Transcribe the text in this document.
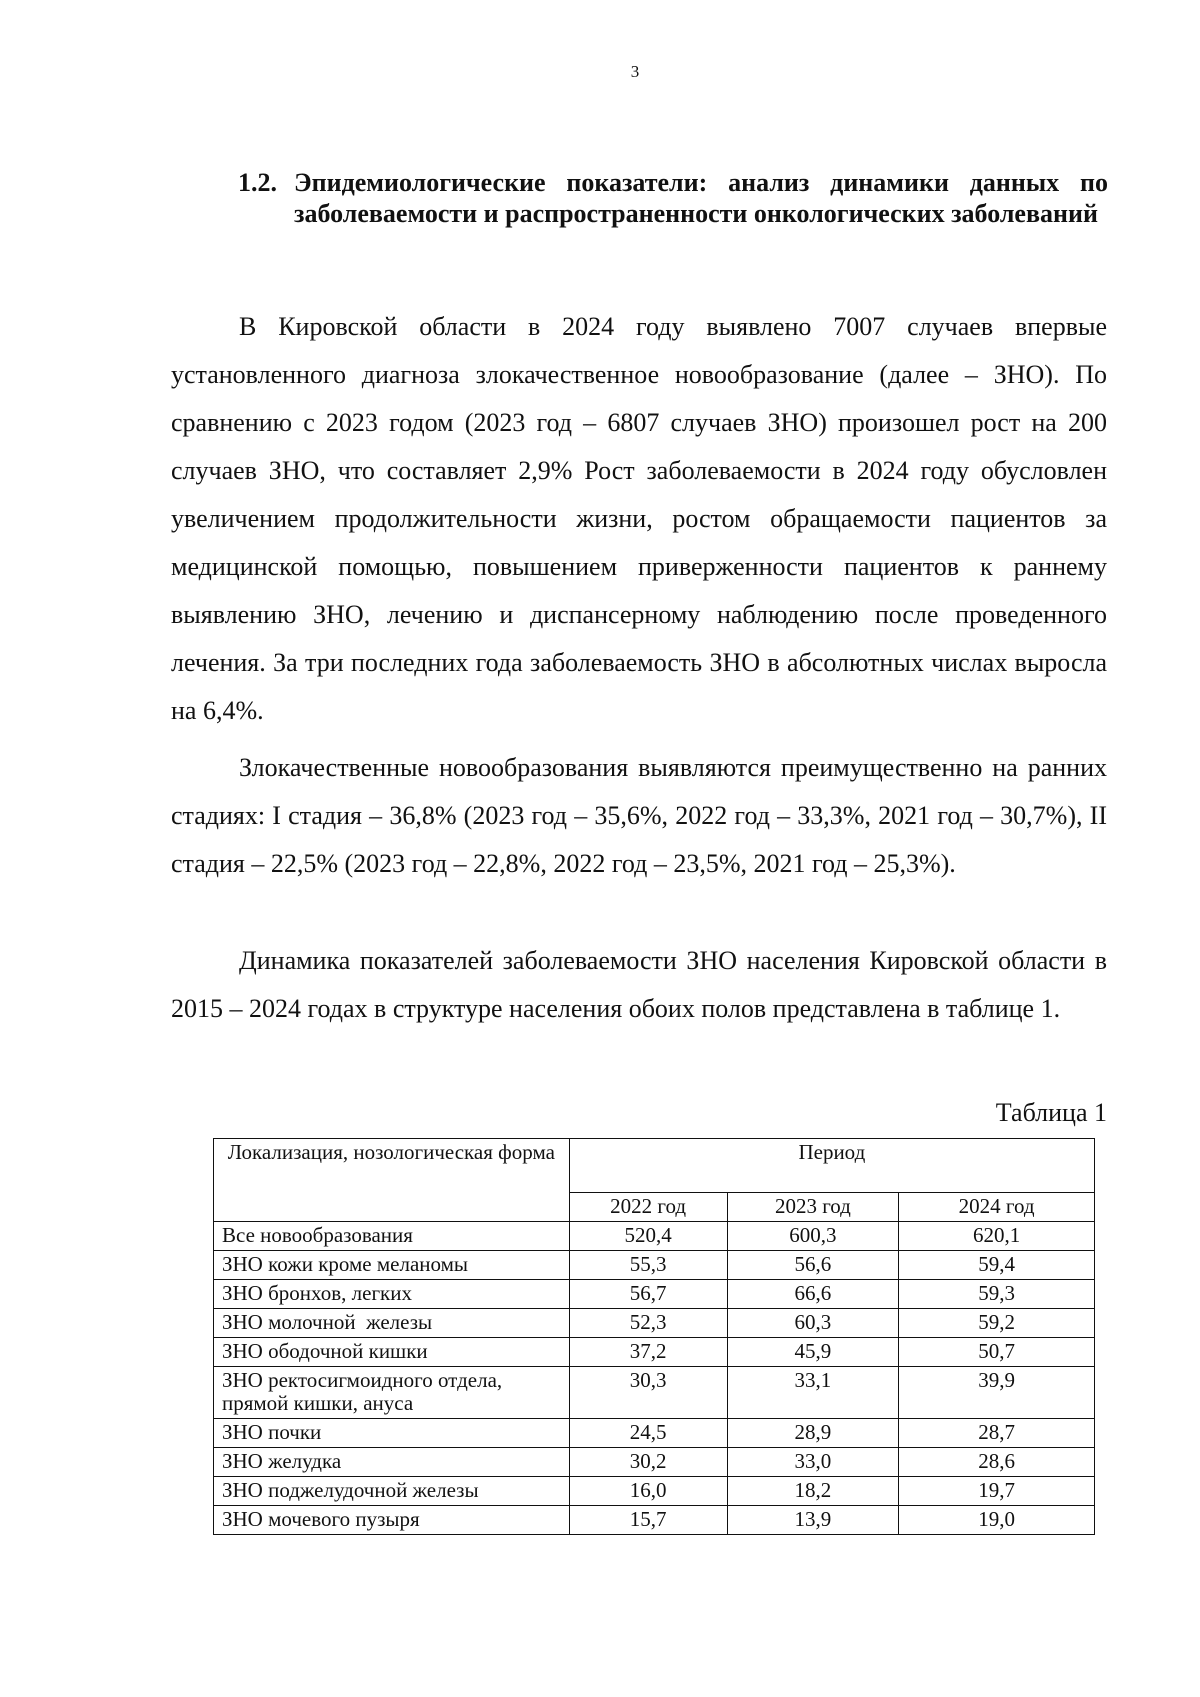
3
1.2. Эпидемиологические показатели: анализ динамики данных по заболеваемости и распространенности онкологических заболеваний

В Кировской области в 2024 году выявлено 7007 случаев впервые установленного диагноза злокачественное новообразование (далее – ЗНО). По сравнению с 2023 годом (2023 год – 6807 случаев ЗНО) произошел рост на 200 случаев ЗНО, что составляет 2,9% Рост заболеваемости в 2024 году обусловлен увеличением продолжительности жизни, ростом обращаемости пациентов за медицинской помощью, повышением приверженности пациентов к раннему выявлению ЗНО, лечению и диспансерному наблюдению после проведенного лечения. За три последних года заболеваемость ЗНО в абсолютных числах выросла на 6,4%.

Злокачественные новообразования выявляются преимущественно на ранних стадиях: I стадия – 36,8% (2023 год – 35,6%, 2022 год – 33,3%, 2021 год – 30,7%), II стадия – 22,5% (2023 год – 22,8%, 2022 год – 23,5%, 2021 год – 25,3%).

Динамика показателей заболеваемости ЗНО населения Кировской области в 2015 – 2024 годах в структуре населения обоих полов представлена в таблице 1.

Таблица 1
Локализация, нозологическая форма	Период		
	2022 год	2023 год	2024 год
Все новообразования	520,4	600,3	620,1
ЗНО кожи кроме меланомы	55,3	56,6	59,4
ЗНО бронхов, легких	56,7	66,6	59,3
ЗНО молочной  железы	52,3	60,3	59,2
ЗНО ободочной кишки	37,2	45,9	50,7
ЗНО ректосигмоидного отдела, прямой кишки, ануса	30,3	33,1	39,9
ЗНО почки	24,5	28,9	28,7
ЗНО желудка	30,2	33,0	28,6
ЗНО поджелудочной железы	16,0	18,2	19,7
ЗНО мочевого пузыря	15,7	13,9	19,0
